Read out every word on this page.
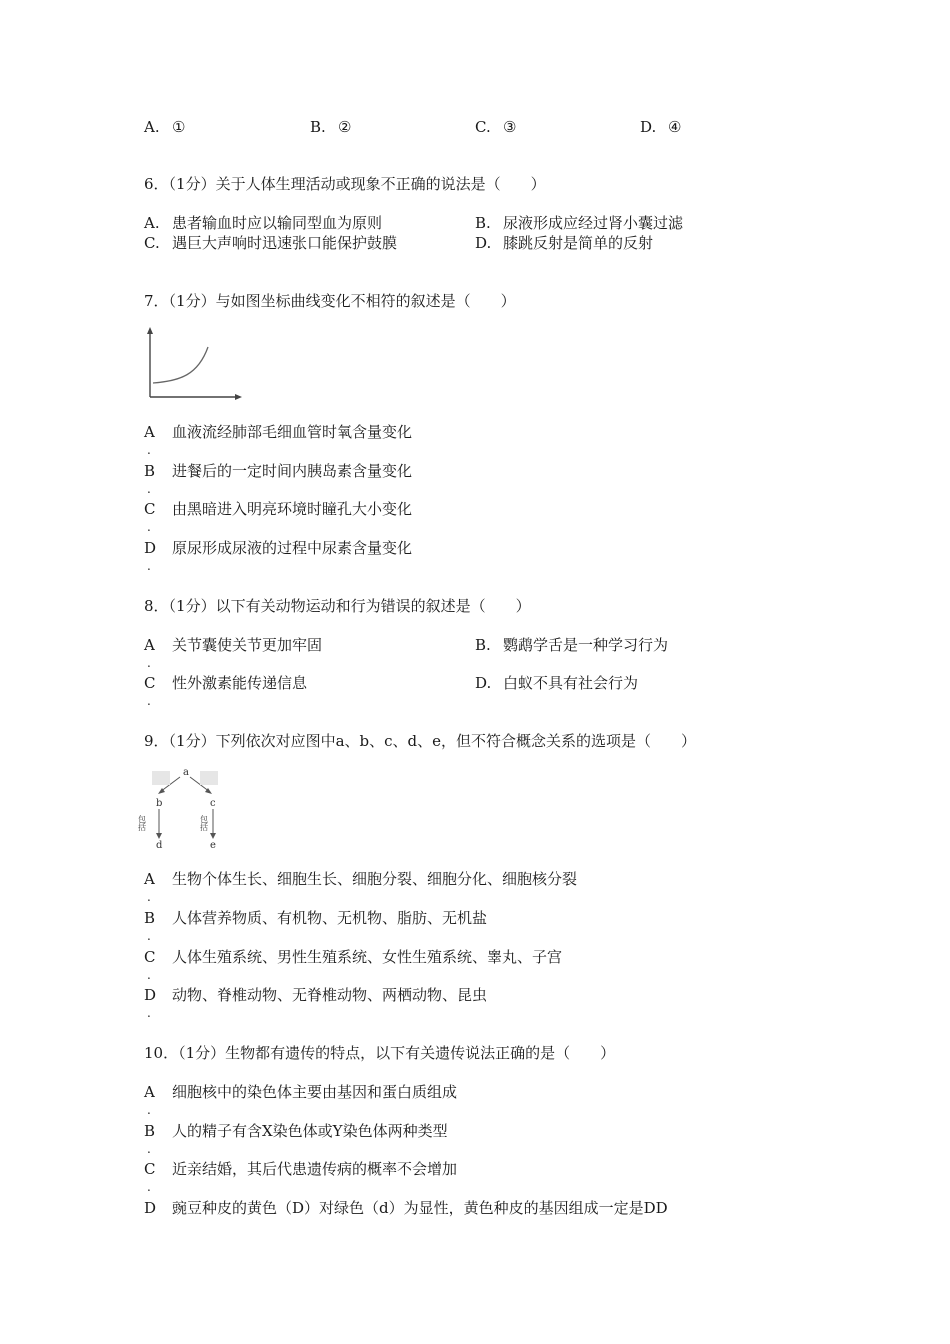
A. ①	B. ②	C. ③	D. ④
6．（1分）关于人体生理活动或现象不正确的说法是（　　）
A. 患者输血时应以输同型血为原则	B. 尿液形成应经过肾小囊过滤
C. 遇巨大声响时迅速张口能保护鼓膜	D. 膝跳反射是简单的反射
7．（1分）与如图坐标曲线变化不相符的叙述是（　　）
A 血液流经肺部毛细血管时氧含量变化
.
B 进餐后的一定时间内胰岛素含量变化
.
C 由黑暗进入明亮环境时瞳孔大小变化
.
D 原尿形成尿液的过程中尿素含量变化
.
8．（1分）以下有关动物运动和行为错误的叙述是（　　）
A 关节囊使关节更加牢固
.
B. 鹦鹉学舌是一种学习行为
C 性外激素能传递信息
.
D. 白蚁不具有社会行为
9．（1分）下列依次对应图中a、b、c、d、e，但不符合概念关系的选项是（　　）
a
b	c
包括	包括
d	e
A 生物个体生长、细胞生长、细胞分裂、细胞分化、细胞核分裂
.
B 人体营养物质、有机物、无机物、脂肪、无机盐
.
C 人体生殖系统、男性生殖系统、女性生殖系统、睾丸、子宫
.
D 动物、脊椎动物、无脊椎动物、两栖动物、昆虫
.
10．（1分）生物都有遗传的特点，以下有关遗传说法正确的是（　　）
A 细胞核中的染色体主要由基因和蛋白质组成
.
B 人的精子有含X染色体或Y染色体两种类型
.
C 近亲结婚，其后代患遗传病的概率不会增加
.
D 豌豆种皮的黄色（D）对绿色（d）为显性，黄色种皮的基因组成一定是DD
